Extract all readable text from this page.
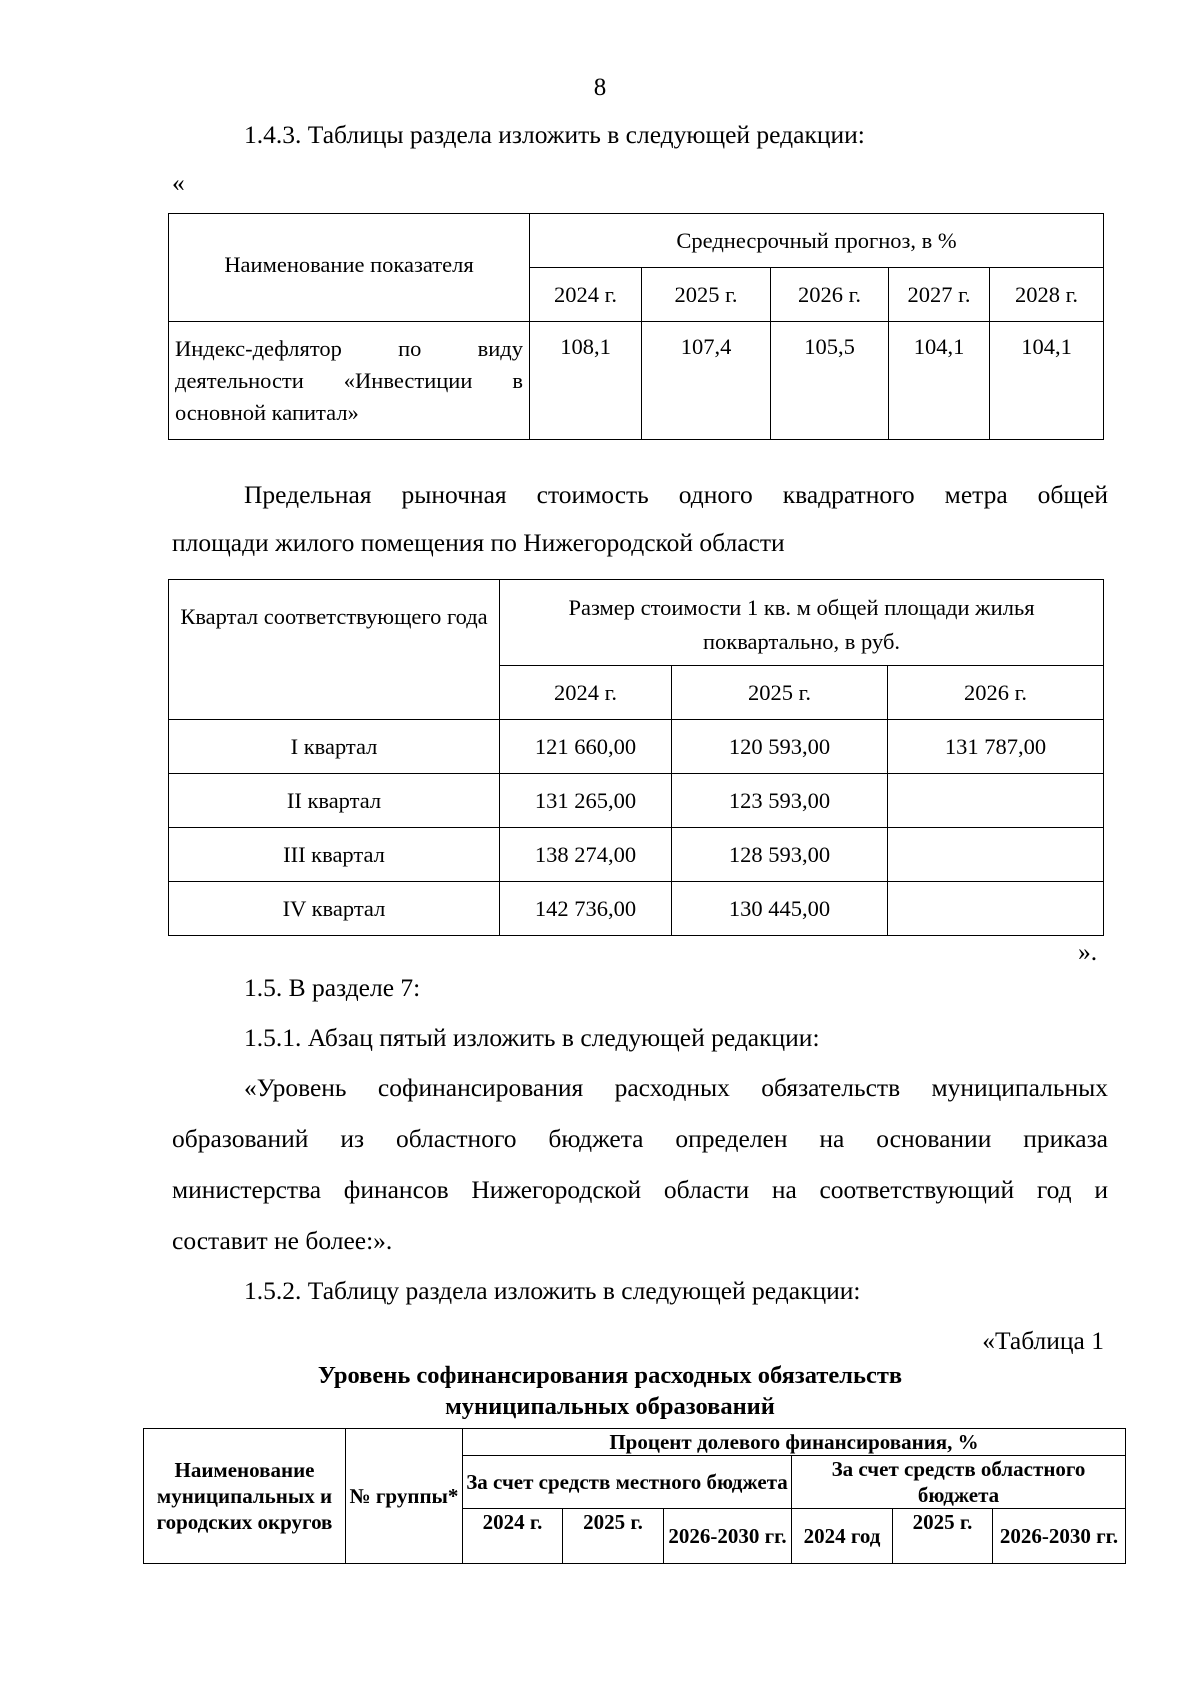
8
1.4.3. Таблицы раздела изложить в следующей редакции:
«
Наименование показателя	Среднесрочный прогноз, в %				
	2024 г.	2025 г.	2026 г.	2027 г.	2028 г.
Индекс-дефлятор по виду деятельности «Инвестиции в основной капитал»	108,1	107,4	105,5	104,1	104,1
Предельная рыночная стоимость одного квадратного метра общей
площади жилого помещения по Нижегородской области
Квартал соответствующего года	Размер стоимости 1 кв. м общей площади жилья поквартально, в руб.		
	2024 г.	2025 г.	2026 г.
I квартал	121 660,00	120 593,00	131 787,00
II квартал	131 265,00	123 593,00	
III квартал	138 274,00	128 593,00	
IV квартал	142 736,00	130 445,00	
».
1.5. В разделе 7:
1.5.1. Абзац пятый изложить в следующей редакции:
«Уровень софинансирования расходных обязательств муниципальных
образований из областного бюджета определен на основании приказа
министерства финансов Нижегородской области на соответствующий год и
составит не более:».
1.5.2. Таблицу раздела изложить в следующей редакции:
«Таблица 1
Уровень софинансирования расходных обязательств
муниципальных образований
Наименование муниципальных и городских округов	№ группы*	Процент долевого финансирования, %					
		За счет средств местного бюджета			За счет средств областного бюджета		
		2024 г.	2025 г.	2026-2030 гг.	2024 год	2025 г.	2026-2030 гг.
